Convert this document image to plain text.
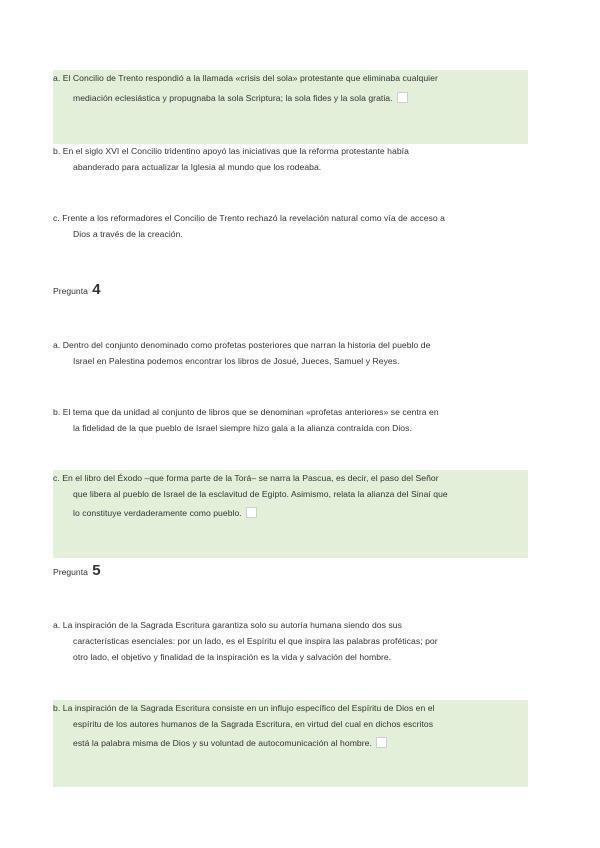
a. El Concilio de Trento respondió a la llamada «crisis del sola» protestante que eliminaba cualquier
mediación eclesiástica y propugnaba la sola Scriptura; la sola fides y la sola gratia.
b. En el siglo XVI el Concilio tridentino apoyó las iniciativas que la reforma protestante había
abanderado para actualizar la Iglesia al mundo que los rodeaba.
c. Frente a los reformadores el Concilio de Trento rechazó la revelación natural como vía de acceso a
Dios a través de la creación.
Pregunta 4
a. Dentro del conjunto denominado como profetas posteriores que narran la historia del pueblo de
Israel en Palestina podemos encontrar los libros de Josué, Jueces, Samuel y Reyes.
b. El tema que da unidad al conjunto de libros que se denominan «profetas anteriores» se centra en
la fidelidad de la que pueblo de Israel siempre hizo gala a la alianza contraída con Dios.
c. En el libro del Éxodo –que forma parte de la Torá– se narra la Pascua, es decir, el paso del Señor
que libera al pueblo de Israel de la esclavitud de Egipto. Asimismo, relata la alianza del Sinaí que
lo constituye verdaderamente como pueblo.
Pregunta 5
a. La inspiración de la Sagrada Escritura garantiza solo su autoría humana siendo dos sus
características esenciales: por un lado, es el Espíritu el que inspira las palabras proféticas; por
otro lado, el objetivo y finalidad de la inspiración es la vida y salvación del hombre.
b. La inspiración de la Sagrada Escritura consiste en un influjo específico del Espíritu de Dios en el
espíritu de los autores humanos de la Sagrada Escritura, en virtud del cual en dichos escritos
está la palabra misma de Dios y su voluntad de autocomunicación al hombre.
